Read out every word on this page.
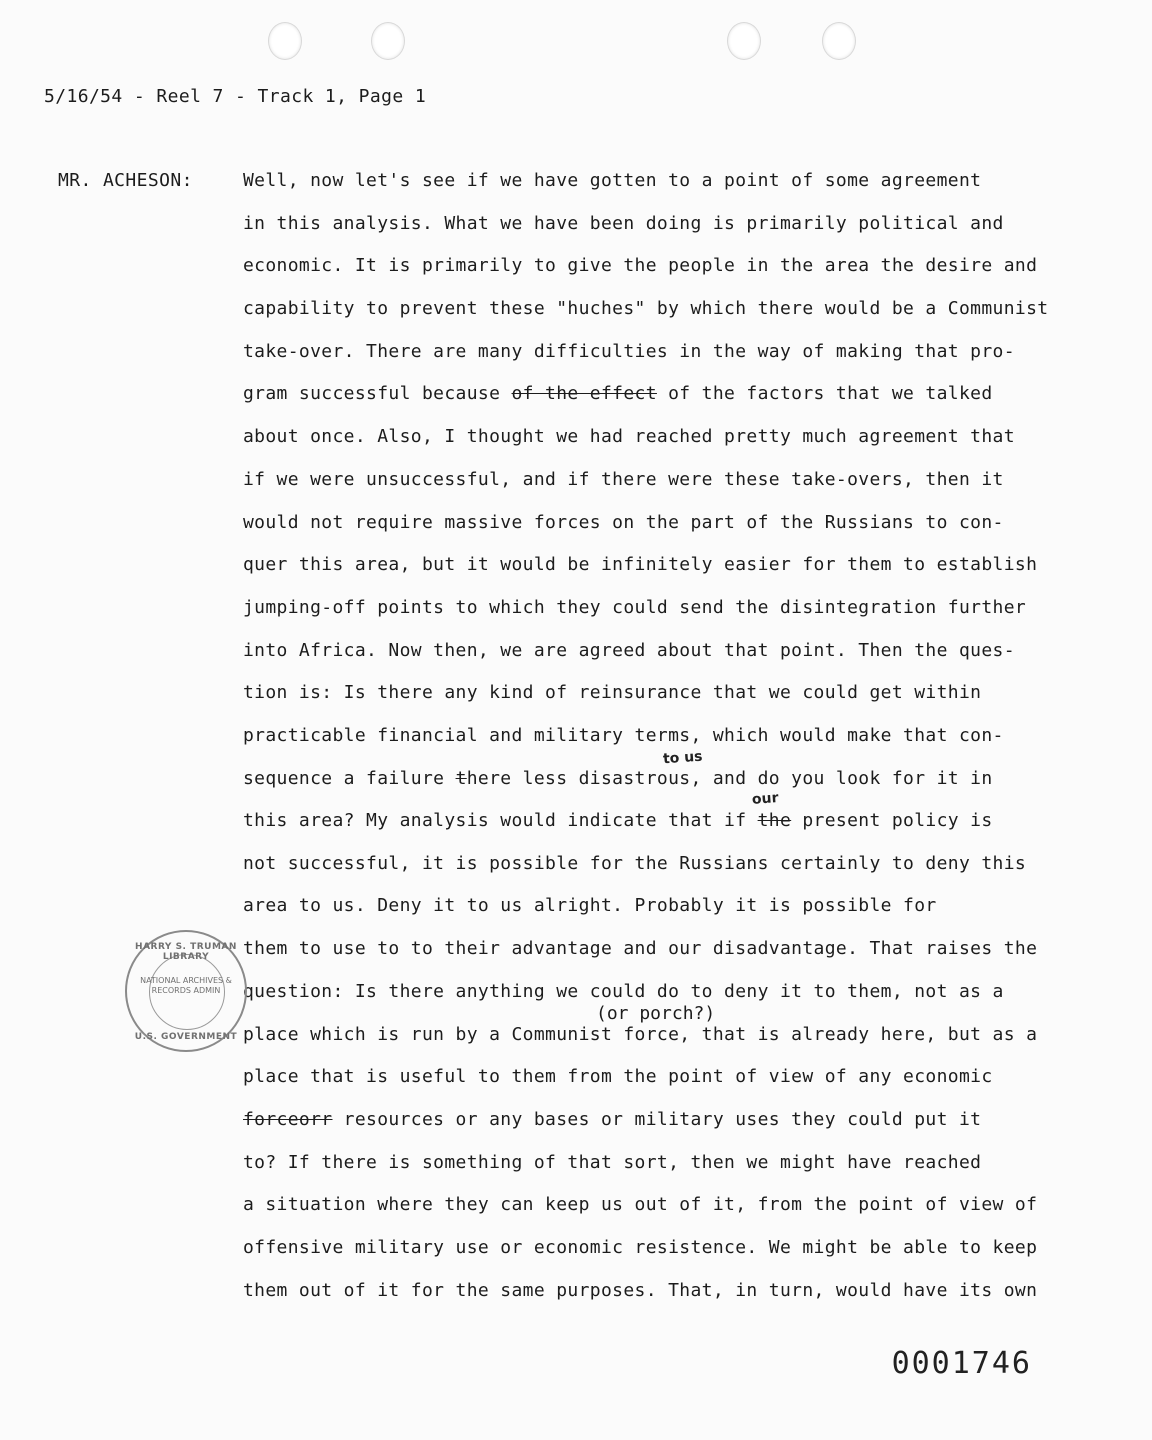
5/16/54 - Reel 7 - Track 1, Page 1
MR. ACHESON:	Well, now let's see if we have gotten to a point of some agreement
in this analysis. What we have been doing is primarily political and
economic. It is primarily to give the people in the area the desire and
capability to prevent these "huches" by which there would be a Communist
take-over. There are many difficulties in the way of making that pro-
gram successful because of the effect of the factors that we talked
about once. Also, I thought we had reached pretty much agreement that
if we were unsuccessful, and if there were these take-overs, then it
would not require massive forces on the part of the Russians to con-
quer this area, but it would be infinitely easier for them to establish
jumping-off points to which they could send the disintegration further
into Africa. Now then, we are agreed about that point. Then the ques-
tion is: Is there any kind of reinsurance that we could get within
practicable financial and military terms, which would make that con-
to us
sequence a failure there less disastrous, and do you look for it in
our
this area? My analysis would indicate that if the present policy is
not successful, it is possible for the Russians certainly to deny this
area to us. Deny it to us alright. Probably it is possible for
them to use to to their advantage and our disadvantage. That raises the
question: Is there anything we could do to deny it to them, not as a
(or porch?)
place which is run by a Communist force, that is already here, but as a
place that is useful to them from the point of view of any economic
forceorr resources or any bases or military uses they could put it
to? If there is something of that sort, then we might have reached
a situation where they can keep us out of it, from the point of view of
offensive military use or economic resistence. We might be able to keep
them out of it for the same purposes. That, in turn, would have its own
HARRY S. TRUMAN LIBRARY
NATIONAL ARCHIVES & RECORDS ADMIN
U.S. GOVERNMENT
0001746
